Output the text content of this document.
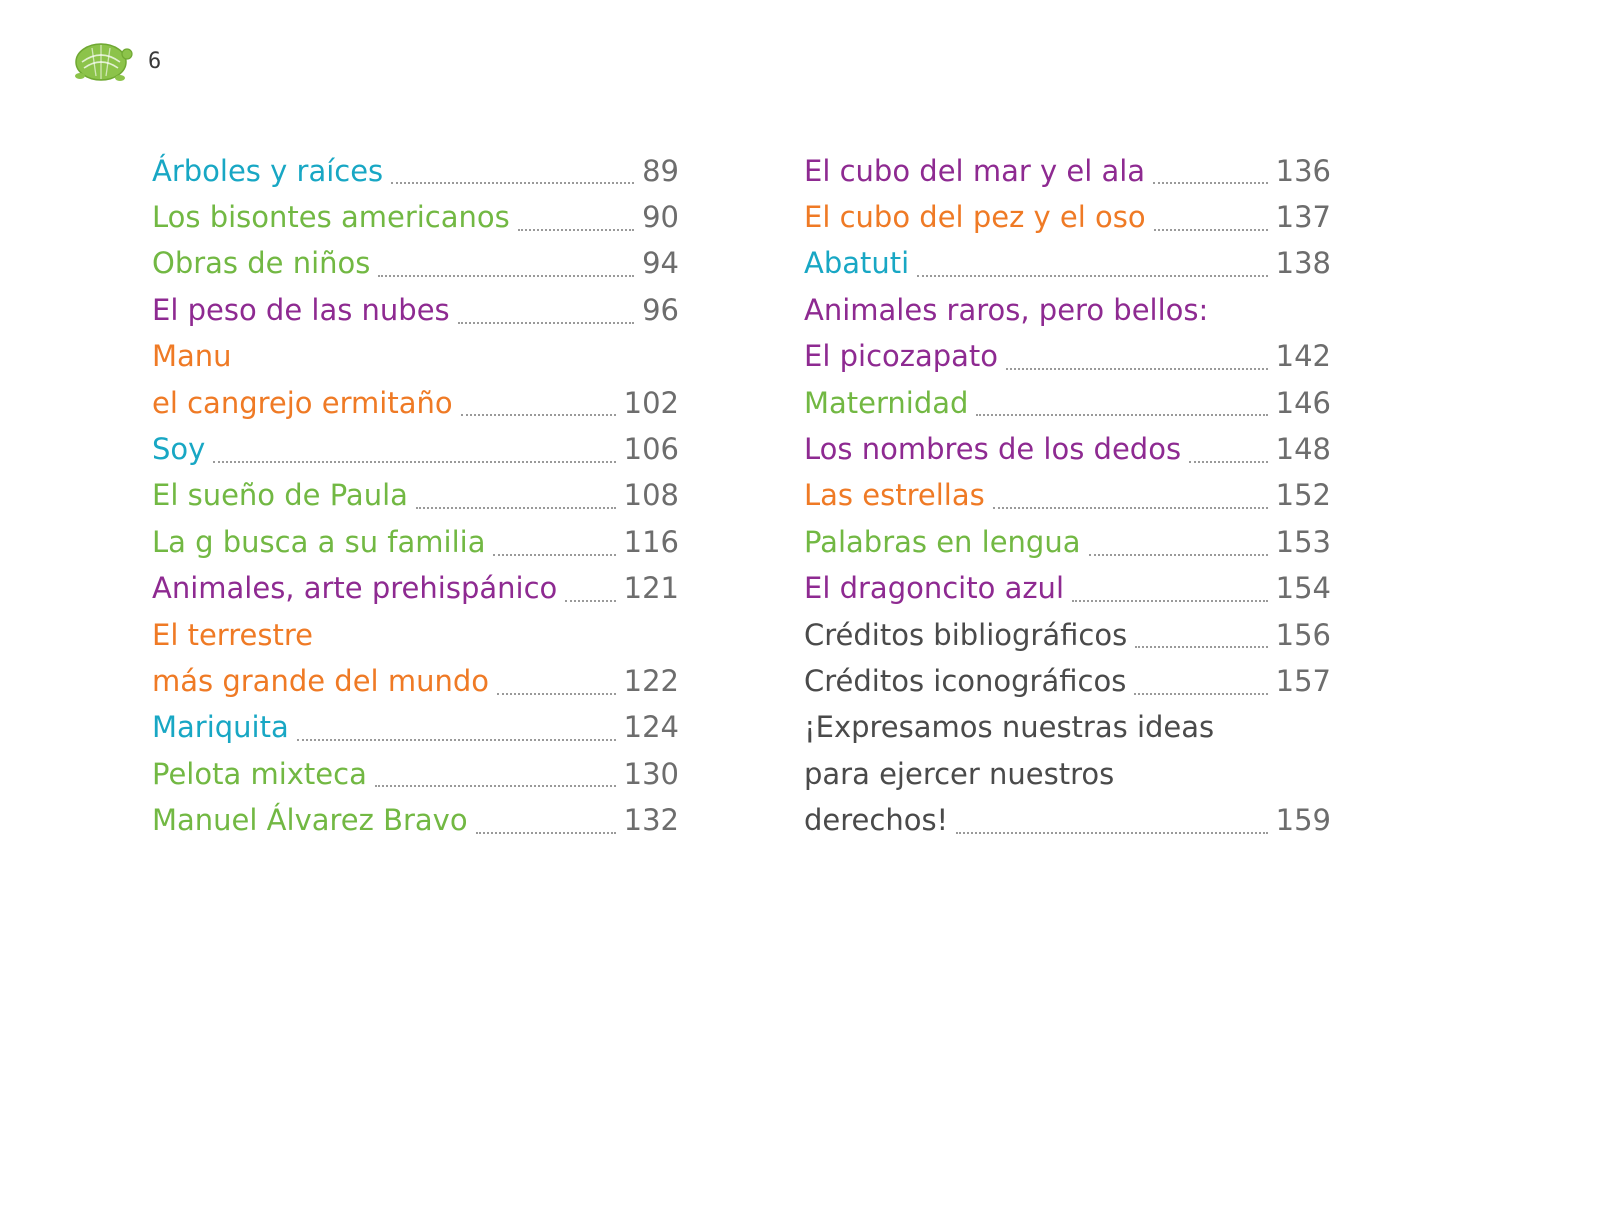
6
Árboles y raíces	89
Los bisontes americanos	90
Obras de niños	94
El peso de las nubes	96
Manu
el cangrejo ermitaño	102
Soy	106
El sueño de Paula	108
La g busca a su familia	116
Animales, arte prehispánico 121
El terrestre
más grande del mundo	122
Mariquita	124
Pelota mixteca	130
Manuel Álvarez Bravo	132
El cubo del mar y el ala	136
El cubo del pez y el oso	137
Abatuti	138
Animales raros, pero bellos:
El picozapato	142
Maternidad	146
Los nombres de los dedos	148
Las estrellas	152
Palabras en lengua	153
El dragoncito azul	154
Créditos bibliográficos	156
Créditos iconográficos	157
¡Expresamos nuestras ideas
para ejercer nuestros
derechos!	159
